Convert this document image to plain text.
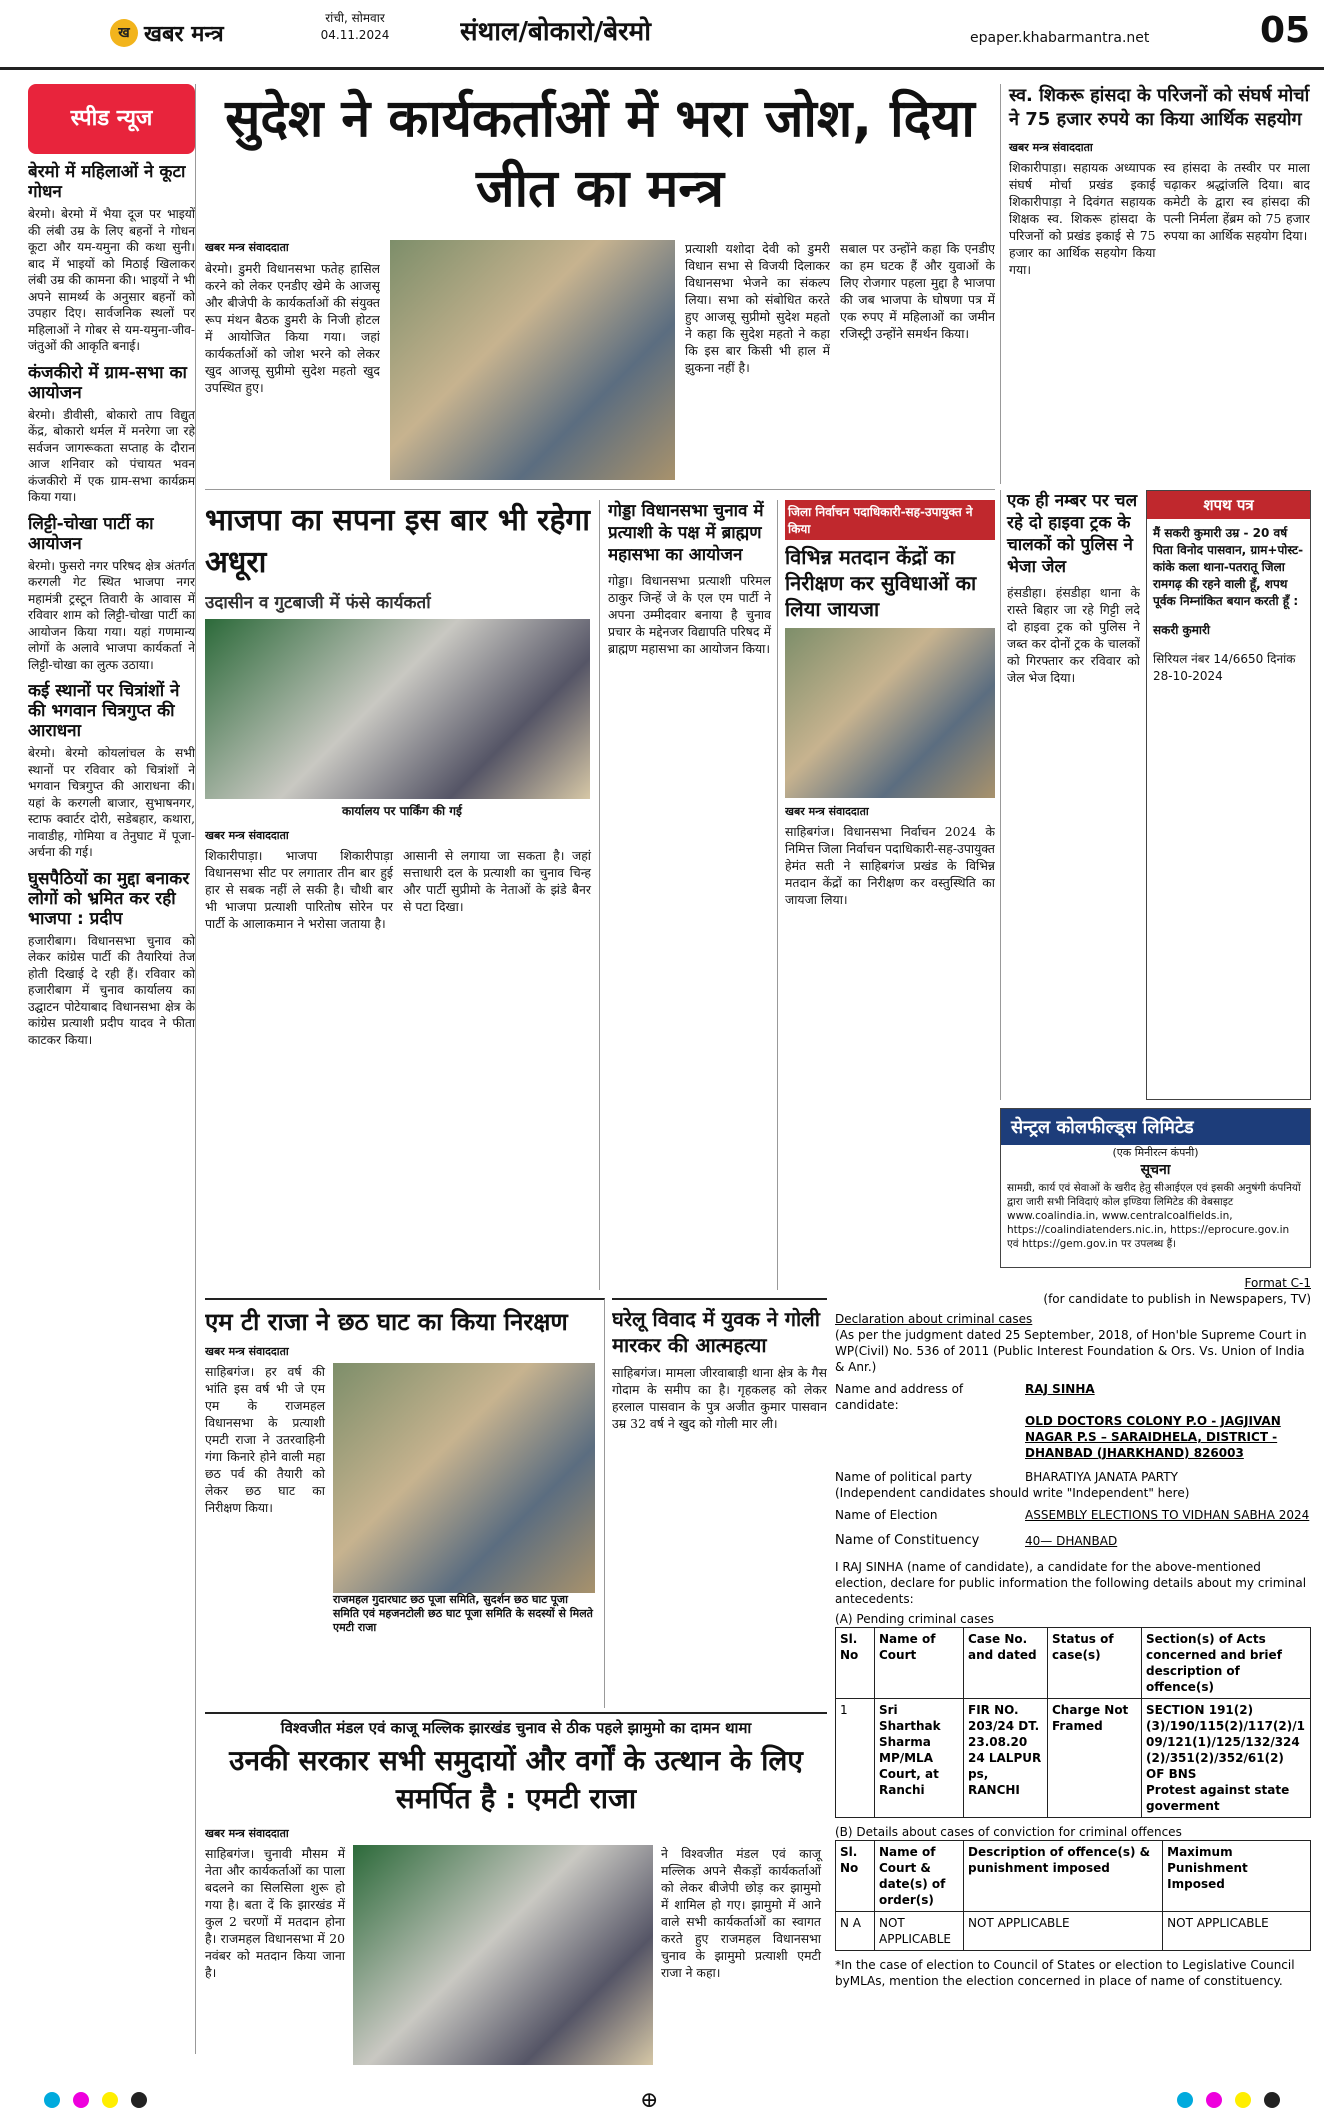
ख खबर मन्त्र
रांची, सोमवार
04.11.2024	संथाल/बोकारो/बेरमो	epaper.khabarmantra.net	05
स्पीड न्यूज
बेरमो में महिलाओं ने कूटा गोधन

बेरमो। बेरमो में भैया दूज पर भाइयों की लंबी उम्र के लिए बहनों ने गोधन कूटा और यम-यमुना की कथा सुनी। बाद में भाइयों को मिठाई खिलाकर लंबी उम्र की कामना की। भाइयों ने भी अपने सामर्थ्य के अनुसार बहनों को उपहार दिए। सार्वजनिक स्थलों पर महिलाओं ने गोबर से यम-यमुना-जीव-जंतुओं की आकृति बनाई।

कंजकीरो में ग्राम-सभा का आयोजन

बेरमो। डीवीसी, बोकारो ताप विद्युत केंद्र, बोकारो थर्मल में मनरेगा जा रहे सर्वजन जागरूकता सप्ताह के दौरान आज शनिवार को पंचायत भवन कंजकीरो में एक ग्राम-सभा कार्यक्रम किया गया।

लिट्टी-चोखा पार्टी का आयोजन

बेरमो। फुसरो नगर परिषद क्षेत्र अंतर्गत करगली गेट स्थित भाजपा नगर महामंत्री ट्रस्टून तिवारी के आवास में रविवार शाम को लिट्टी-चोखा पार्टी का आयोजन किया गया। यहां गणमान्य लोगों के अलावे भाजपा कार्यकर्ता ने लिट्टी-चोखा का लुत्फ उठाया।

कई स्थानों पर चित्रांशों ने की भगवान चित्रगुप्त की आराधना

बेरमो। बेरमो कोयलांचल के सभी स्थानों पर रविवार को चित्रांशों ने भगवान चित्रगुप्त की आराधना की। यहां के करगली बाजार, सुभाषनगर, स्टाफ क्वार्टर दोरी, सडेबहार, कथारा, नावाडीह, गोमिया व तेनुघाट में पूजा-अर्चना की गई।

घुसपैठियों का मुद्दा बनाकर लोगों को भ्रमित कर रही भाजपा : प्रदीप

हजारीबाग। विधानसभा चुनाव को लेकर कांग्रेस पार्टी की तैयारियां तेज होती दिखाई दे रही हैं। रविवार को हजारीबाग में चुनाव कार्यालय का उद्घाटन पोटेयाबाद विधानसभा क्षेत्र के कांग्रेस प्रत्याशी प्रदीप यादव ने फीता काटकर किया।

सुदेश ने कार्यकर्ताओं में भरा जोश, दिया जीत का मन्त्र
खबर मन्त्र संवाददाता
बेरमो। डुमरी विधानसभा फतेह हासिल करने को लेकर एनडीए खेमे के आजसू और बीजेपी के कार्यकर्ताओं की संयुक्त रूप मंथन बैठक डुमरी के निजी होटल में आयोजित किया गया। जहां कार्यकर्ताओं को जोश भरने को लेकर खुद आजसू सुप्रीमो सुदेश महतो खुद उपस्थित हुए।
प्रत्याशी यशोदा देवी को डुमरी विधान सभा से विजयी दिलाकर विधानसभा भेजने का संकल्प लिया। सभा को संबोधित करते हुए आजसू सुप्रीमो सुदेश महतो ने कहा कि सुदेश महतो ने कहा कि इस बार किसी भी हाल में झुकना नहीं है।
सबाल पर उन्होंने कहा कि एनडीए का हम घटक हैं और युवाओं के लिए रोजगार पहला मुद्दा है भाजपा की जब भाजपा के घोषणा पत्र में एक रुपए में महिलाओं का जमीन रजिस्ट्री उन्होंने समर्थन किया।
भाजपा का सपना इस बार भी रहेगा अधूरा
उदासीन व गुटबाजी में फंसे कार्यकर्ता
कार्यालय पर पार्किंग की गई
खबर मन्त्र संवाददाता
शिकारीपाड़ा। भाजपा शिकारीपाड़ा विधानसभा सीट पर लगातार तीन बार हुई हार से सबक नहीं ले सकी है। चौथी बार भी भाजपा प्रत्याशी पारितोष सोरेन पर पार्टी के आलाकमान ने भरोसा जताया है।
आसानी से लगाया जा सकता है। जहां सत्ताधारी दल के प्रत्याशी का चुनाव चिन्ह और पार्टी सुप्रीमो के नेताओं के झंडे बैनर से पटा दिखा।
गोड्डा विधानसभा चुनाव में प्रत्याशी के पक्ष में ब्राह्मण महासभा का आयोजन
गोड्डा। विधानसभा प्रत्याशी परिमल ठाकुर जिन्हें जे के एल एम पार्टी ने अपना उम्मीदवार बनाया है चुनाव प्रचार के मद्देनजर विद्यापति परिषद में ब्राह्मण महासभा का आयोजन किया।
जिला निर्वाचन पदाधिकारी-सह-उपायुक्त ने किया
विभिन्न मतदान केंद्रों का निरीक्षण कर सुविधाओं का लिया जायजा
खबर मन्त्र संवाददाता
साहिबगंज। विधानसभा निर्वाचन 2024 के निमित्त जिला निर्वाचन पदाधिकारी-सह-उपायुक्त हेमंत सती ने साहिबगंज प्रखंड के विभिन्न मतदान केंद्रों का निरीक्षण कर वस्तुस्थिति का जायजा लिया।
स्व. शिकरू हांसदा के परिजनों को संघर्ष मोर्चा ने 75 हजार रुपये का किया आर्थिक सहयोग
खबर मन्त्र संवाददाता
शिकारीपाड़ा। सहायक अध्यापक संघर्ष मोर्चा प्रखंड इकाई शिकारीपाड़ा ने दिवंगत सहायक शिक्षक स्व. शिकरू हांसदा के परिजनों को प्रखंड इकाई से 75 हजार का आर्थिक सहयोग किया गया।
स्व हांसदा के तस्वीर पर माला चढ़ाकर श्रद्धांजलि दिया। बाद कमेटी के द्वारा स्व हांसदा की पत्नी निर्मला हेंब्रम को 75 हजार रुपया का आर्थिक सहयोग दिया।
एक ही नम्बर पर चल रहे दो हाइवा ट्रक के चालकों को पुलिस ने भेजा जेल
हंसडीहा। हंसडीहा थाना के रास्ते बिहार जा रहे गिट्टी लदे दो हाइवा ट्रक को पुलिस ने जब्त कर दोनों ट्रक के चालकों को गिरफ्तार कर रविवार को जेल भेज दिया।
शपथ पत्र
मैं सकरी कुमारी उम्र - 20 वर्ष पिता विनोद पासवान, ग्राम+पोस्ट-कांके कला थाना-पतरातू जिला रामगढ़ की रहने वाली हूँ, शपथ पूर्वक निम्नांकित बयान करती हूँ :
सकरी कुमारी
सिरियल नंबर 14/6650 दिनांक 28-10-2024
सेन्ट्रल कोलफील्ड्स लिमिटेड
(एक मिनीरत्न कंपनी)
सूचना
सामग्री, कार्य एवं सेवाओं के खरीद हेतु सीआईएल एवं इसकी अनुषंगी कंपनियों द्वारा जारी सभी निविदाएं कोल इण्डिया लिमिटेड की वेबसाइट www.coalindia.in, www.centralcoalfields.in, https://coalindiatenders.nic.in, https://eprocure.gov.in एवं https://gem.gov.in पर उपलब्ध हैं।
एम टी राजा ने छठ घाट का किया निरक्षण
खबर मन्त्र संवाददाता
साहिबगंज। हर वर्ष की भांति इस वर्ष भी जे एम एम के राजमहल विधानसभा के प्रत्याशी एमटी राजा ने उतरवाहिनी गंगा किनारे होने वाली महा छठ पर्व की तैयारी को लेकर छठ घाट का निरीक्षण किया।
राजमहल गुदारघाट छठ पूजा समिति, सुदर्शन छठ घाट पूजा समिति एवं महजनटोली छठ घाट पूजा समिति के सदस्यों से मिलते एमटी राजा
घरेलू विवाद में युवक ने गोली मारकर की आत्महत्या
साहिबगंज। मामला जीरवाबाड़ी थाना क्षेत्र के गैस गोदाम के समीप का है। गृहकलह को लेकर हरलाल पासवान के पुत्र अजीत कुमार पासवान उम्र 32 वर्ष ने खुद को गोली मार ली।
विश्वजीत मंडल एवं काजू मल्लिक झारखंड चुनाव से ठीक पहले झामुमो का दामन थामा
उनकी सरकार सभी समुदायों और वर्गों के उत्थान के लिए समर्पित है : एमटी राजा
खबर मन्त्र संवाददाता
साहिबगंज। चुनावी मौसम में नेता और कार्यकर्ताओं का पाला बदलने का सिलसिला शुरू हो गया है। बता दें कि झारखंड में कुल 2 चरणों में मतदान होना है। राजमहल विधानसभा में 20 नवंबर को मतदान किया जाना है।
ने विश्वजीत मंडल एवं काजू मल्लिक अपने सैकड़ों कार्यकर्ताओं को लेकर बीजेपी छोड़ कर झामुमो में शामिल हो गए। झामुमो में आने वाले सभी कार्यकर्ताओं का स्वागत करते हुए राजमहल विधानसभा चुनाव के झामुमो प्रत्याशी एमटी राजा ने कहा।
Format C-1
(for candidate to publish in Newspapers, TV)
Declaration about criminal cases
(As per the judgment dated 25 September, 2018, of Hon'ble Supreme Court in WP(Civil) No. 536 of 2011 (Public Interest Foundation & Ors. Vs. Union of India & Anr.)
Name and address of candidate:
RAJ SINHA
OLD DOCTORS COLONY P.O - JAGJIVAN NAGAR P.S – SARAIDHELA, DISTRICT - DHANBAD (JHARKHAND) 826003
Name of political party	BHARATIYA JANATA PARTY
(Independent candidates should write "Independent" here)
Name of Election	ASSEMBLY ELECTIONS TO VIDHAN SABHA 2024
Name of Constituency	40— DHANBAD
I RAJ SINHA (name of candidate), a candidate for the above-mentioned election, declare for public information the following details about my criminal antecedents:
(A) Pending criminal cases
Sl. No	Name of Court	Case No. and dated	Status of case(s)	Section(s) of Acts concerned and brief description of offence(s)
1	Sri Sharthak Sharma MP/MLA Court, at Ranchi	FIR NO. 203/24 DT. 23.08.20 24 LALPUR ps, RANCHI	Charge Not Framed	SECTION 191(2)(3)/190/115(2)/117(2)/1 09/121(1)/125/132/324 (2)/351(2)/352/61(2) OF BNS
Protest against state goverment
(B) Details about cases of conviction for criminal offences
Sl. No	Name of Court & date(s) of order(s)	Description of offence(s) & punishment imposed	Maximum Punishment Imposed
N A	NOT APPLICABLE	NOT APPLICABLE	NOT APPLICABLE
*In the case of election to Council of States or election to Legislative Council byMLAs, mention the election concerned in place of name of constituency.

⊕
